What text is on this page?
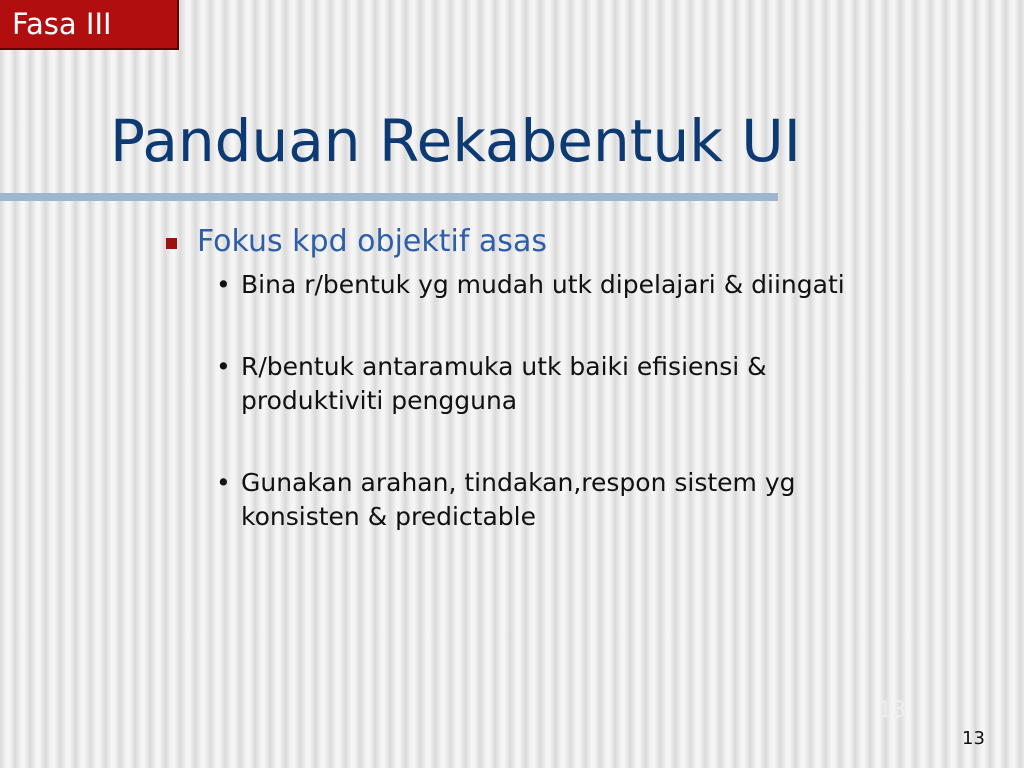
Fasa III
Panduan Rekabentuk UI
Fokus kpd objektif asas
• Bina r/bentuk yg mudah utk dipelajari & diingati
• R/bentuk antaramuka utk baiki efisiensi &
produktiviti pengguna
• Gunakan arahan, tindakan,respon sistem yg
konsisten & predictable
13
13
